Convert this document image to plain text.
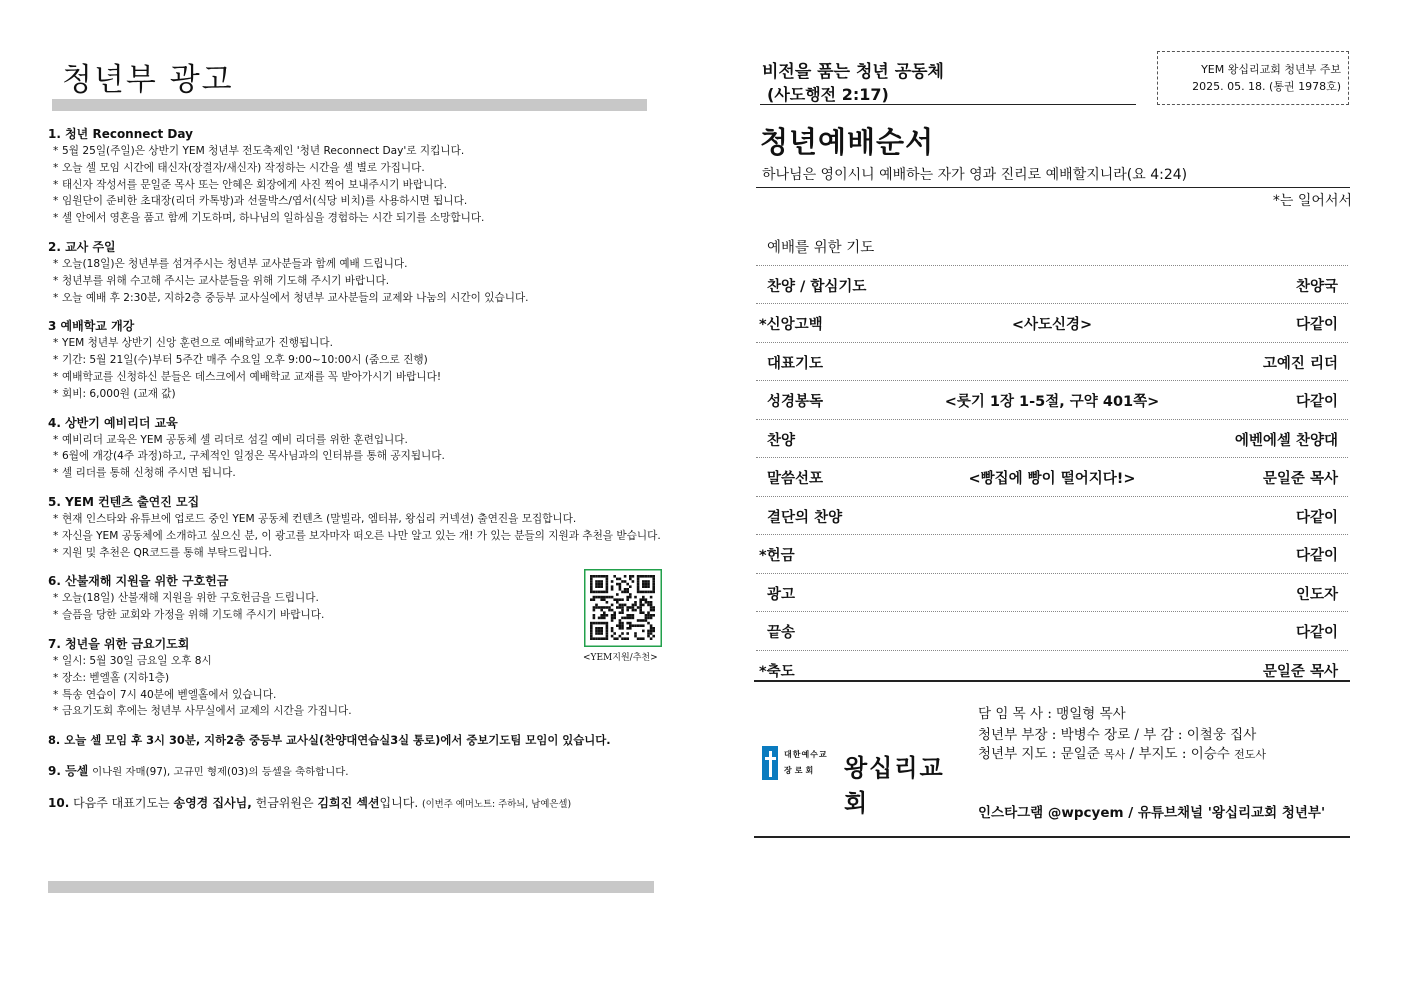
청년부 광고
1. 청년 Reconnect Day
* 5월 25일(주일)은 상반기 YEM 청년부 전도축제인 '청년 Reconnect Day'로 지킵니다.
* 오늘 셀 모임 시간에 태신자(장결자/새신자) 작정하는 시간을 셀 별로 가집니다.
* 태신자 작성서를 문일준 목사 또는 안혜은 회장에게 사진 찍어 보내주시기 바랍니다.
* 임원단이 준비한 초대장(리더 카톡방)과 선물박스/엽서(식당 비치)를 사용하시면 됩니다.
* 셀 안에서 영혼을 품고 함께 기도하며, 하나님의 일하심을 경험하는 시간 되기를 소망합니다.
2. 교사 주일
* 오늘(18일)은 청년부를 섬겨주시는 청년부 교사분들과 함께 예배 드립니다.
* 청년부를 위해 수고해 주시는 교사분들을 위해 기도해 주시기 바랍니다.
* 오늘 예배 후 2:30분, 지하2층 중등부 교사실에서 청년부 교사분들의 교제와 나눔의 시간이 있습니다.
3 예배학교 개강
* YEM 청년부 상반기 신앙 훈련으로 예배학교가 진행됩니다.
* 기간: 5월 21일(수)부터 5주간 매주 수요일 오후 9:00~10:00시 (줌으로 진행)
* 예배학교를 신청하신 분들은 데스크에서 예배학교 교재를 꼭 받아가시기 바랍니다!
* 회비: 6,000원 (교재 값)
4. 상반기 예비리더 교육
* 예비리더 교육은 YEM 공동체 셀 리더로 섬길 예비 리더를 위한 훈련입니다.
* 6월에 개강(4주 과정)하고, 구체적인 일정은 목사님과의 인터뷰를 통해 공지됩니다.
* 셀 리더를 통해 신청해 주시면 됩니다.
5. YEM 컨텐츠 출연진 모집
* 현재 인스타와 유튜브에 업로드 중인 YEM 공동체 컨텐츠 (말빌라, 엠터뷰, 왕십리 커넥션) 출연진을 모집합니다.
* 자신을 YEM 공동체에 소개하고 싶으신 분, 이 광고를 보자마자 떠오른 나만 알고 있는 개! 가 있는 분들의 지원과 추천을 받습니다.
* 지원 및 추천은 QR코드를 통해 부탁드립니다.
6. 산불재해 지원을 위한 구호헌금
* 오늘(18일) 산불재해 지원을 위한 구호헌금을 드립니다.
* 슬픔을 당한 교회와 가정을 위해 기도해 주시기 바랍니다.
7. 청년을 위한 금요기도회
* 일시: 5월 30일 금요일 오후 8시
* 장소: 벧엘홀 (지하1층)
* 특송 연습이 7시 40분에 벧엘홀에서 있습니다.
* 금요기도회 후에는 청년부 사무실에서 교제의 시간을 가집니다.
8. 오늘 셀 모임 후 3시 30분, 지하2층 중등부 교사실(찬양대연습실3실 통로)에서 중보기도팀 모임이 있습니다.
9. 등셀 이나원 자매(97), 고규민 형제(03)의 등셀을 축하합니다.
10. 다음주 대표기도는 송영경 집사님, 헌금위원은 김희진 섹션입니다. (이번주 예머노트: 주하늬, 남예은셀)
<YEM지원/추천>
비전을 품는 청년 공동체
(사도행전 2:17)
YEM 왕십리교회 청년부 주보
2025. 05. 18. (통권 1978호)
청년예배순서
하나님은 영이시니 예배하는 자가 영과 진리로 예배할지니라(요 4:24)
*는 일어서서
예배를 위한 기도
찬양 / 합심기도	찬양국
*신앙고백	<사도신경>	다같이
대표기도	고예진 리더
성경봉독	<룻기 1장 1-5절, 구약 401쪽>	다같이
찬양	에벤에셀 찬양대
말씀선포	<빵집에 빵이 떨어지다!>	문일준 목사
결단의 찬양	다같이
*헌금	다같이
광고	인도자
끝송	다같이
*축도	문일준 목사
대한예수교
장로회 왕십리교회
담 임 목 사 : 맹일형 목사
청년부 부장 : 박병수 장로 / 부 감 : 이철웅 집사
청년부 지도 : 문일준 목사 / 부지도 : 이승수 전도사
인스타그램 @wpcyem / 유튜브채널 '왕십리교회 청년부'
